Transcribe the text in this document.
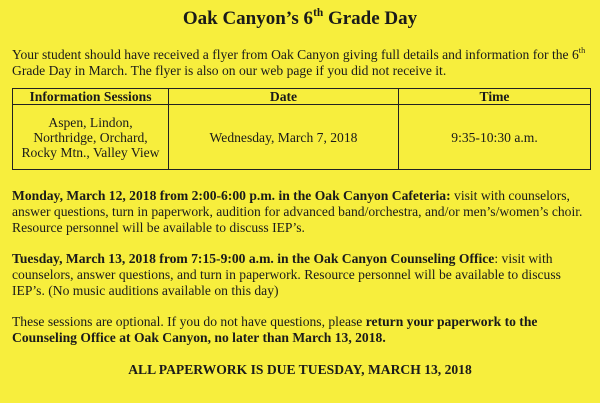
Oak Canyon’s 6th Grade Day

Your student should have received a flyer from Oak Canyon giving full details and information for the 6th Grade Day in March. The flyer is also on our web page if you did not receive it.

Information Sessions	Date	Time
Aspen, Lindon, Northridge, Orchard, Rocky Mtn., Valley View	Wednesday, March 7, 2018	9:35-10:30 a.m.

Monday, March 12, 2018 from 2:00-6:00 p.m. in the Oak Canyon Cafeteria: visit with counselors, answer questions, turn in paperwork, audition for advanced band/orchestra, and/or men’s/women’s choir. Resource personnel will be available to discuss IEP’s.

Tuesday, March 13, 2018 from 7:15-9:00 a.m. in the Oak Canyon Counseling Office: visit with counselors, answer questions, and turn in paperwork. Resource personnel will be available to discuss IEP’s. (No music auditions available on this day)

These sessions are optional. If you do not have questions, please return your paperwork to the Counseling Office at Oak Canyon, no later than March 13, 2018.

ALL PAPERWORK IS DUE TUESDAY, MARCH 13, 2018
